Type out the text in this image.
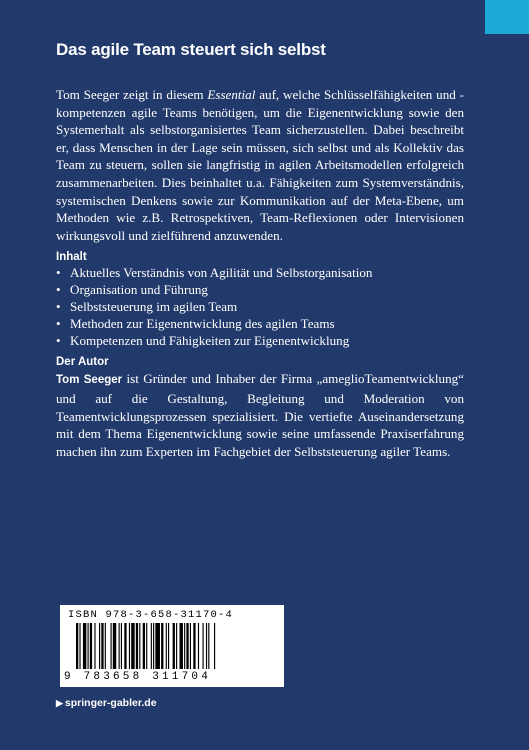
Das agile Team steuert sich selbst

Tom Seeger zeigt in diesem Essential auf, welche Schlüsselfähigkeiten und -kompetenzen agile Teams benötigen, um die Eigenentwicklung sowie den Systemerhalt als selbstorganisiertes Team sicherzustellen. Dabei beschreibt er, dass Menschen in der Lage sein müssen, sich selbst und als Kollektiv das Team zu steuern, sollen sie langfristig in agilen Arbeitsmodellen erfolgreich zusammenarbeiten. Dies beinhaltet u.a. Fähigkeiten zum Systemverständnis, systemischen Denkens sowie zur Kommunikation auf der Meta-Ebene, um Methoden wie z.B. Retrospektiven, Team-Reflexionen oder Intervisionen wirkungsvoll und zielführend anzuwenden.

Inhalt
• Aktuelles Verständnis von Agilität und Selbstorganisation
• Organisation und Führung
• Selbststeuerung im agilen Team
• Methoden zur Eigenentwicklung des agilen Teams
• Kompetenzen und Fähigkeiten zur Eigenentwicklung
Der Autor

Tom Seeger ist Gründer und Inhaber der Firma „ameglioTeamentwicklung“ und auf die Gestaltung, Begleitung und Moderation von Teamentwicklungsprozessen spezialisiert. Die vertiefte Auseinandersetzung mit dem Thema Eigenentwicklung sowie seine umfassende Praxiserfahrung machen ihn zum Experten im Fachgebiet der Selbststeuerung agiler Teams.

ISBN 978-3-658-31170-4
9 783658 311704
▶ springer-gabler.de
